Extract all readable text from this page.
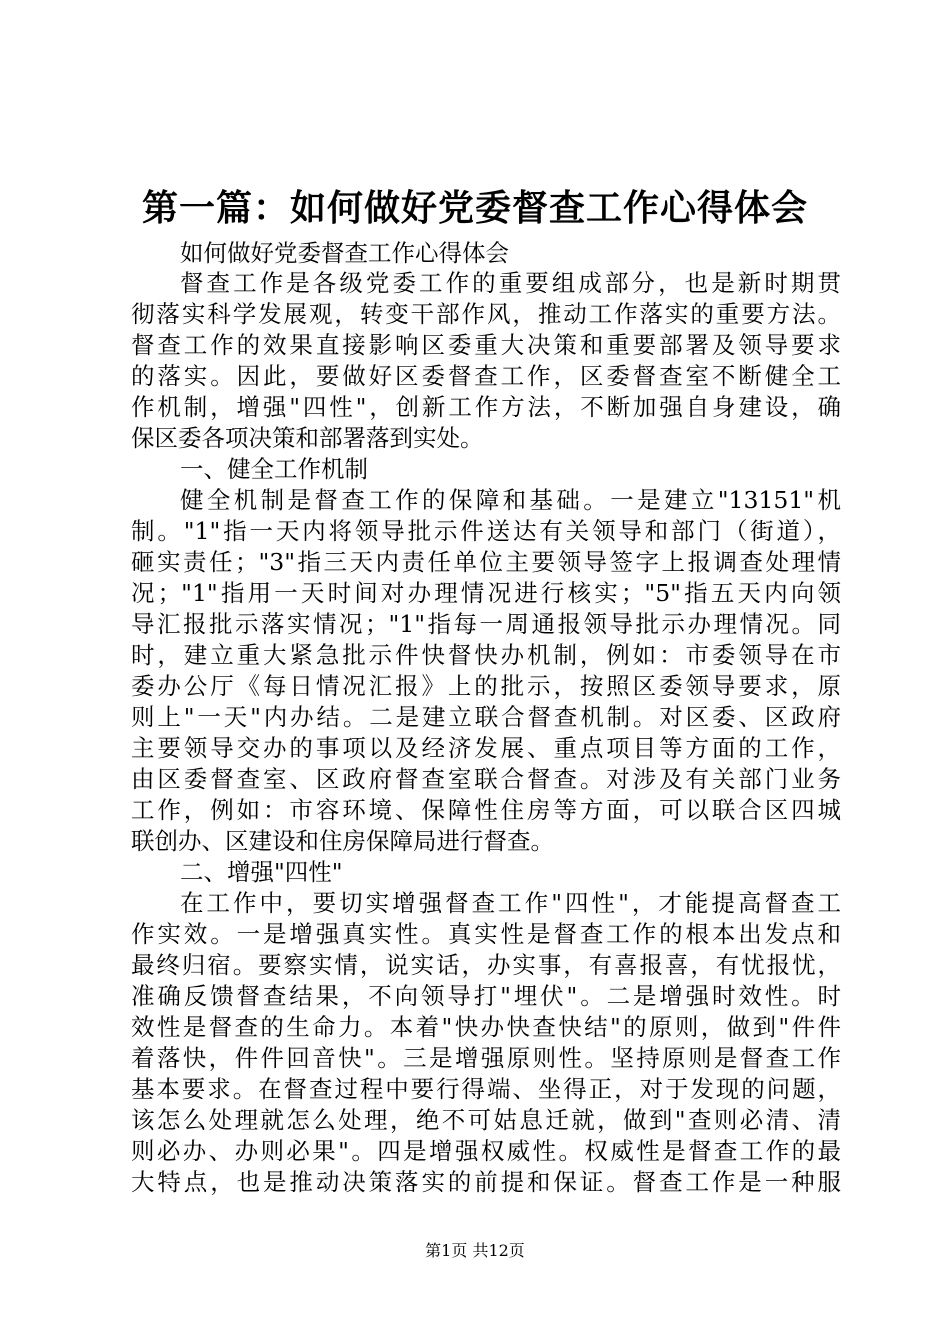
第一篇：如何做好党委督查工作心得体会
如何做好党委督查工作心得体会
督查工作是各级党委工作的重要组成部分，也是新时期贯
彻落实科学发展观，转变干部作风，推动工作落实的重要方法。
督查工作的效果直接影响区委重大决策和重要部署及领导要求
的落实。因此，要做好区委督查工作，区委督查室不断健全工
作机制，增强"四性"，创新工作方法，不断加强自身建设，确
保区委各项决策和部署落到实处。
一、健全工作机制
健全机制是督查工作的保障和基础。一是建立"13151"机
制。"1"指一天内将领导批示件送达有关领导和部门（街道），
砸实责任；"3"指三天内责任单位主要领导签字上报调查处理情
况；"1"指用一天时间对办理情况进行核实；"5"指五天内向领
导汇报批示落实情况；"1"指每一周通报领导批示办理情况。同
时，建立重大紧急批示件快督快办机制，例如：市委领导在市
委办公厅《每日情况汇报》上的批示，按照区委领导要求，原
则上"一天"内办结。二是建立联合督查机制。对区委、区政府
主要领导交办的事项以及经济发展、重点项目等方面的工作，
由区委督查室、区政府督查室联合督查。对涉及有关部门业务
工作，例如：市容环境、保障性住房等方面，可以联合区四城
联创办、区建设和住房保障局进行督查。
二、增强"四性"
在工作中，要切实增强督查工作"四性"，才能提高督查工
作实效。一是增强真实性。真实性是督查工作的根本出发点和
最终归宿。要察实情，说实话，办实事，有喜报喜，有忧报忧，
准确反馈督查结果，不向领导打"埋伏"。二是增强时效性。时
效性是督查的生命力。本着"快办快查快结"的原则，做到"件件
着落快，件件回音快"。三是增强原则性。坚持原则是督查工作
基本要求。在督查过程中要行得端、坐得正，对于发现的问题，
该怎么处理就怎么处理，绝不可姑息迁就，做到"查则必清、清
则必办、办则必果"。四是增强权威性。权威性是督查工作的最
大特点，也是推动决策落实的前提和保证。督查工作是一种服
第1页 共12页
